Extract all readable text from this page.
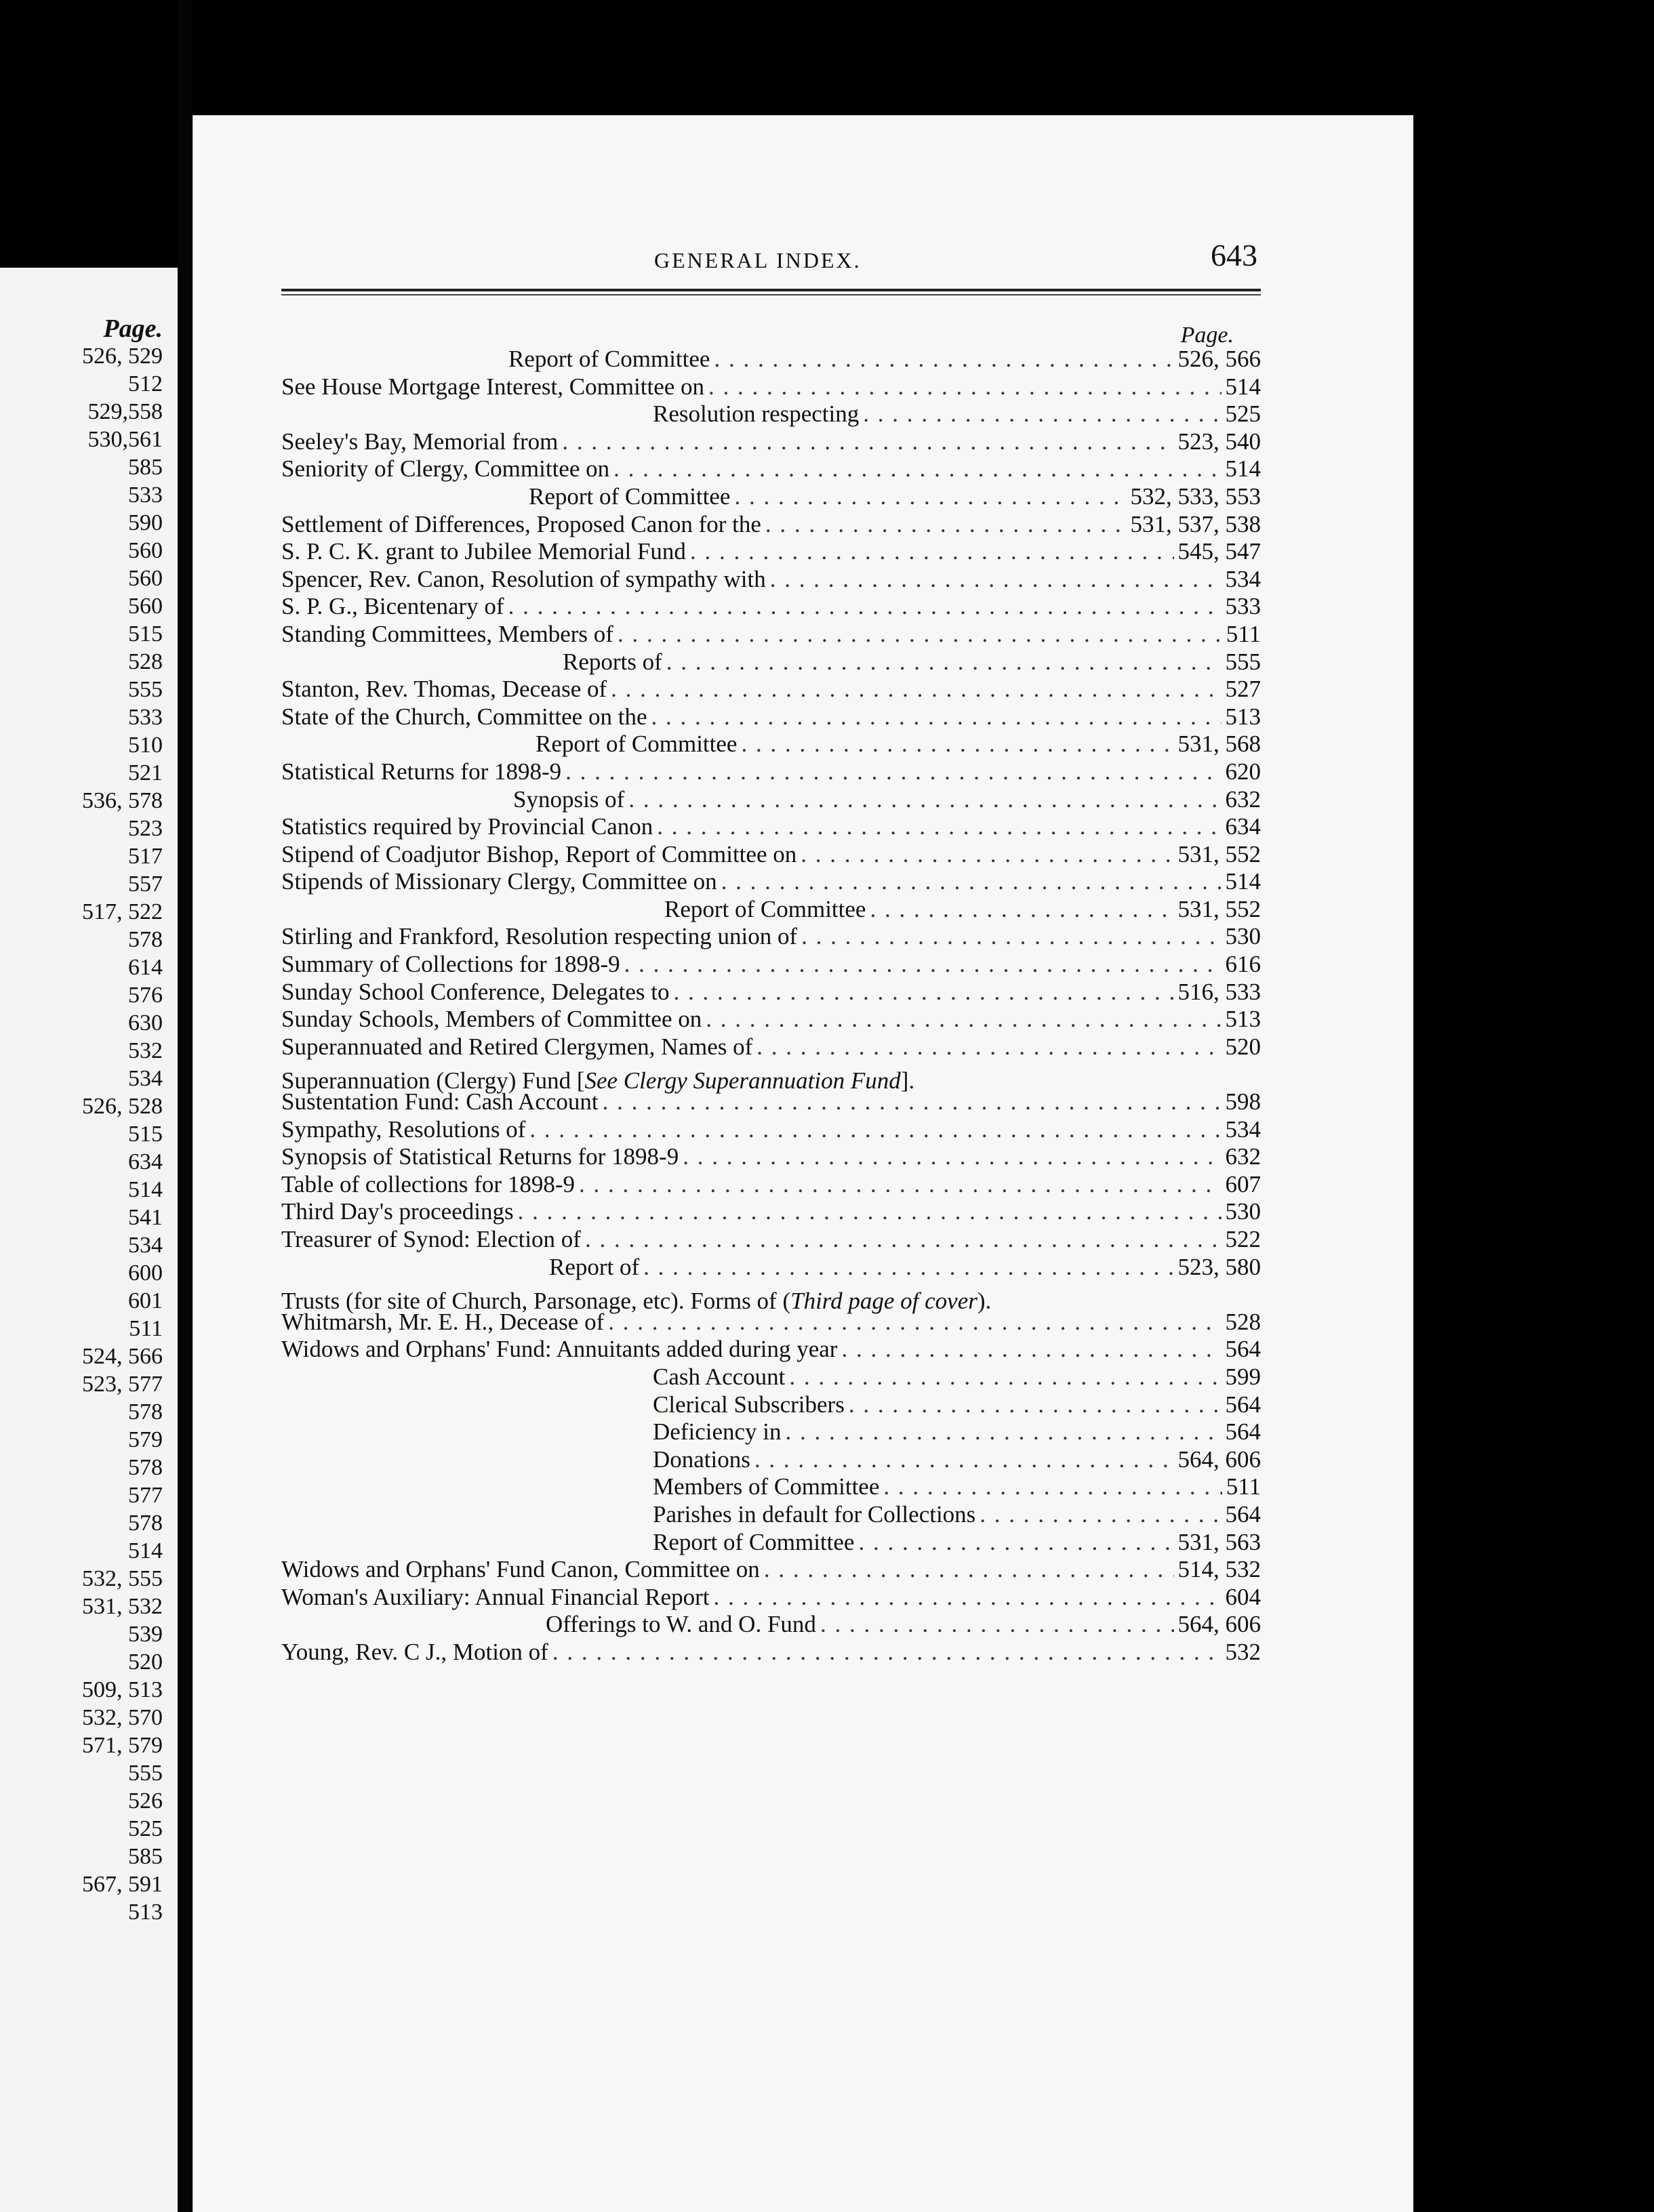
Page.
526, 529
512
529,558
530,561
585
533
590
560
560
560
515
528
555
533
510
521
536, 578
523
517
557
517, 522
578
614
576
630
532
534
526, 528
515
634
514
541
534
600
601
511
524, 566
523, 577
578
579
578
577
578
514
532, 555
531, 532
539
520
509, 513
532, 570
571, 579
555
526
525
585
567, 591
513
GENERAL INDEX.	643
Page.
Report of Committee . . .	526, 566
See House Mortgage Interest, Committee on . . .	514
Resolution respecting . . .	525
Seeley's Bay, Memorial from . . .	523, 540
Seniority of Clergy, Committee on . . .	514
Report of Committee . . .	532, 533, 553
Settlement of Differences, Proposed Canon for the . . .	531, 537, 538
S. P. C. K. grant to Jubilee Memorial Fund . . .	545, 547
Spencer, Rev. Canon, Resolution of sympathy with . . .	534
S. P. G., Bicentenary of . . .	533
Standing Committees, Members of . . .	511
Reports of . . .	555
Stanton, Rev. Thomas, Decease of . . .	527
State of the Church, Committee on the . . .	513
Report of Committee . . .	531, 568
Statistical Returns for 1898-9 . . .	620
Synopsis of . . .	632
Statistics required by Provincial Canon . . .	634
Stipend of Coadjutor Bishop, Report of Committee on . . .	531, 552
Stipends of Missionary Clergy, Committee on . . .	514
Report of Committee . . .	531, 552
Stirling and Frankford, Resolution respecting union of . . .	530
Summary of Collections for 1898-9 . . .	616
Sunday School Conference, Delegates to . . .	516, 533
Sunday Schools, Members of Committee on . . .	513
Superannuated and Retired Clergymen, Names of . . .	520
Superannuation (Clergy) Fund [See Clergy Superannuation Fund].
Sustentation Fund: Cash Account . . .	598
Sympathy, Resolutions of . . .	534
Synopsis of Statistical Returns for 1898-9 . . .	632
Table of collections for 1898-9 . . .	607
Third Day's proceedings . . .	530
Treasurer of Synod: Election of . . .	522
Report of . . .	523, 580
Trusts (for site of Church, Parsonage, etc). Forms of (Third page of cover).
Whitmarsh, Mr. E. H., Decease of . . .	528
Widows and Orphans' Fund: Annuitants added during year . . .	564
Cash Account . . .	599
Clerical Subscribers . . .	564
Deficiency in . . .	564
Donations . . .	564, 606
Members of Committee . . .	511
Parishes in default for Collections . . .	564
Report of Committee . . .	531, 563
Widows and Orphans' Fund Canon, Committee on . . .	514, 532
Woman's Auxiliary: Annual Financial Report . . .	604
Offerings to W. and O. Fund . . .	564, 606
Young, Rev. C J., Motion of . . .	532
